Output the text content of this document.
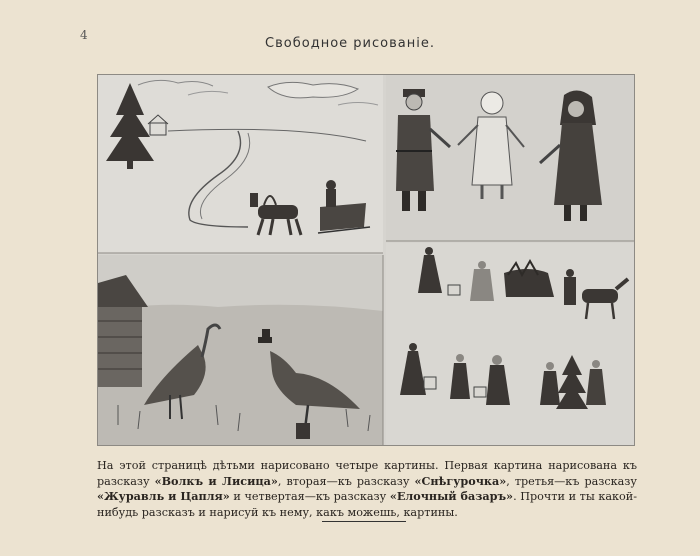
4
Свободное рисованіе.

На этой страницѣ дѣтьми нарисовано четыре картины. Первая картина нарисована къ разсказу «Волкъ и Лисица», вторая—къ разсказу «Снѣгурочка», третья—къ разсказу «Журавль и Цапля» и четвертая—къ разсказу «Елочный базаръ». Прочти и ты какой-нибудь разсказъ и нарисуй къ нему, какъ можешь, картины.
